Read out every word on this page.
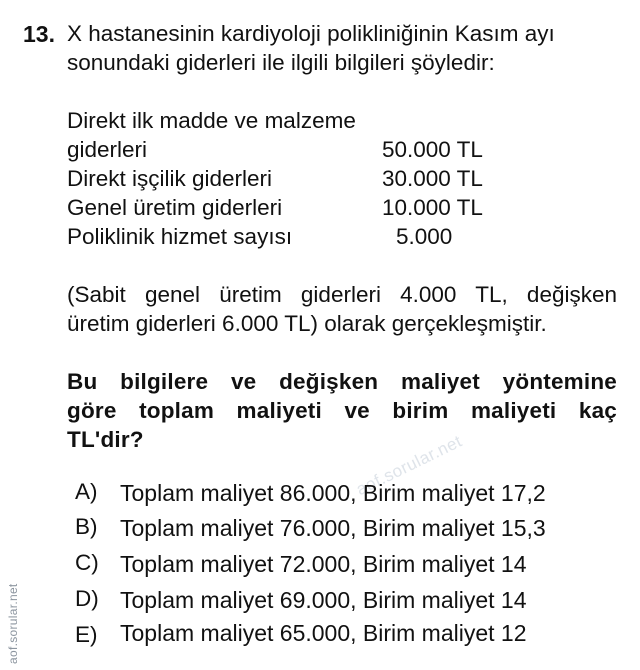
aof.sorular.net
aof.sorular.net
13. X hastanesinin kardiyoloji polikliniğinin Kasım ayı
sonundaki giderleri ile ilgili bilgileri şöyledir:
Direkt ilk madde ve malzeme
giderleri	50.000 TL
Direkt işçilik giderleri	30.000 TL
Genel üretim giderleri	10.000 TL
Poliklinik hizmet sayısı	5.000
(Sabit genel üretim giderleri 4.000 TL, değişken
üretim giderleri 6.000 TL) olarak gerçekleşmiştir.
Bu bilgilere ve değişken maliyet yöntemine
göre toplam maliyeti ve birim maliyeti kaç
TL'dir?
A) Toplam maliyet 86.000, Birim maliyet 17,2
B) Toplam maliyet 76.000, Birim maliyet 15,3
C) Toplam maliyet 72.000, Birim maliyet 14
D) Toplam maliyet 69.000, Birim maliyet 14
E) Toplam maliyet 65.000, Birim maliyet 12
